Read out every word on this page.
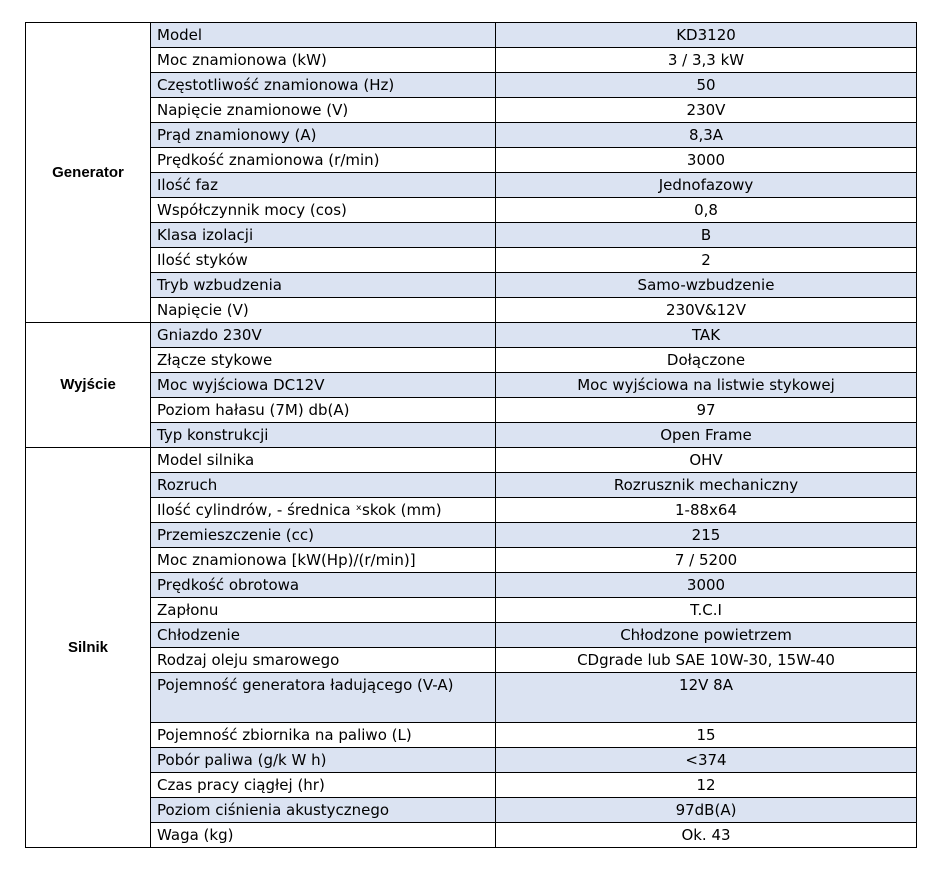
Generator	Model	KD3120
	Moc znamionowa (kW)	3 / 3,3 kW
	Częstotliwość znamionowa (Hz)	50
	Napięcie znamionowe (V)	230V
	Prąd znamionowy (A)	8,3A
	Prędkość znamionowa (r/min)	3000
	Ilość faz	Jednofazowy
	Współczynnik mocy (cos)	0,8
	Klasa izolacji	B
	Ilość styków	2
	Tryb wzbudzenia	Samo-wzbudzenie
	Napięcie (V)	230V&12V
Wyjście	Gniazdo 230V	TAK
	Złącze stykowe	Dołączone
	Moc wyjściowa DC12V	Moc wyjściowa na listwie stykowej
	Poziom hałasu (7M) db(A)	97
	Typ konstrukcji	Open Frame
Silnik	Model silnika	OHV
	Rozruch	Rozrusznik mechaniczny
	Ilość cylindrów, - średnica ˣskok (mm)	1-88x64
	Przemieszczenie (cc)	215
	Moc znamionowa [kW(Hp)/(r/min)]	7 / 5200
	Prędkość obrotowa	3000
	Zapłonu	T.C.I
	Chłodzenie	Chłodzone powietrzem
	Rodzaj oleju smarowego	CDgrade lub SAE 10W-30, 15W-40
	Pojemność generatora ładującego (V-A)	12V 8A
	Pojemność zbiornika na paliwo (L)	15
	Pobór paliwa (g/k W h)	<374
	Czas pracy ciągłej (hr)	12
	Poziom ciśnienia akustycznego	97dB(A)
	Waga (kg)	Ok. 43
